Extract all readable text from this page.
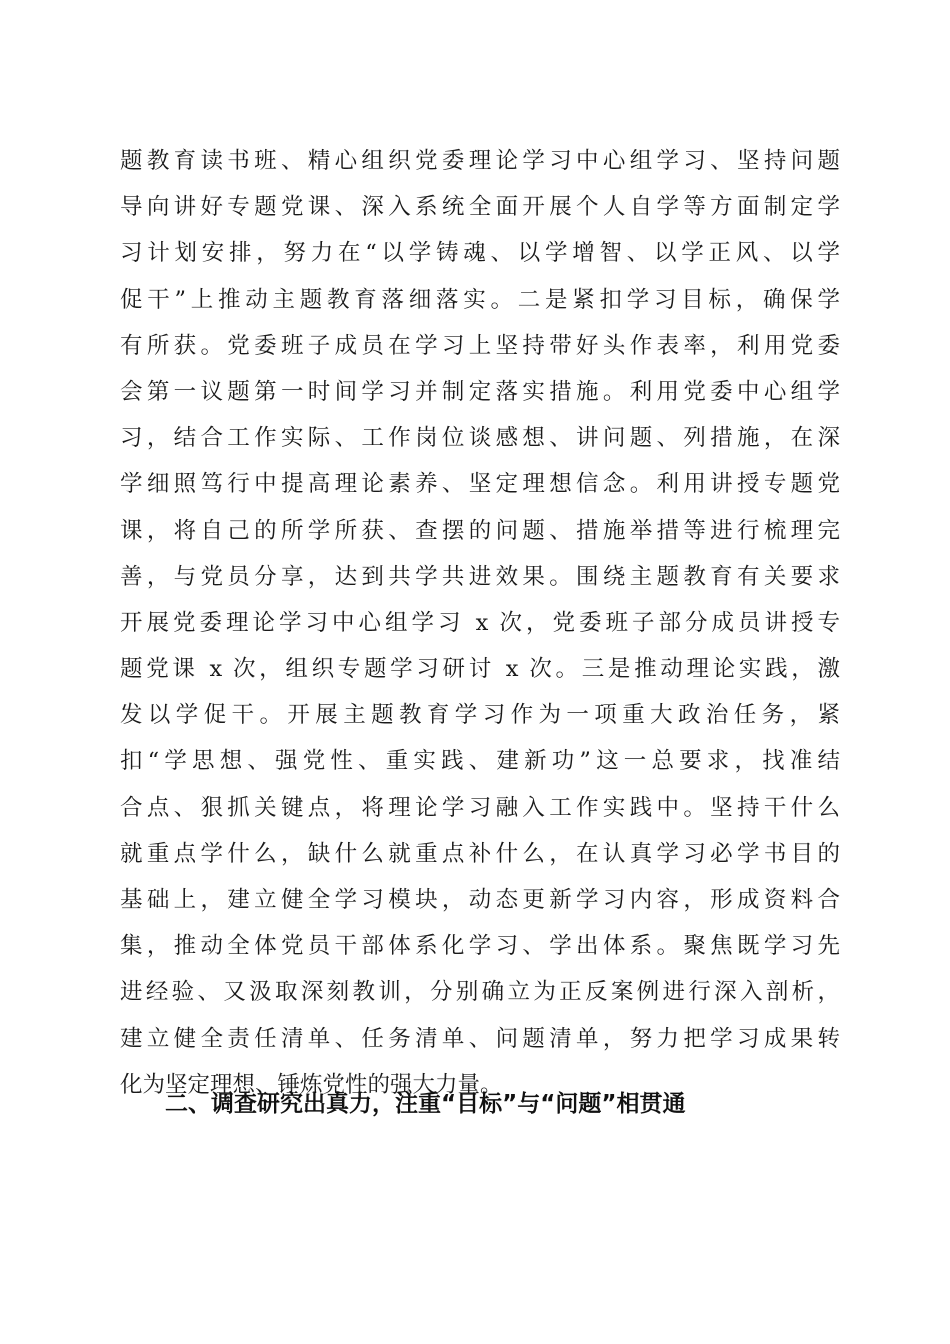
题教育读书班、精心组织党委理论学习中心组学习、坚持问题
导向讲好专题党课、深入系统全面开展个人自学等方面制定学
习计划安排，努力在“以学铸魂、以学增智、以学正风、以学
促干”上推动主题教育落细落实。二是紧扣学习目标，确保学
有所获。党委班子成员在学习上坚持带好头作表率，利用党委
会第一议题第一时间学习并制定落实措施。利用党委中心组学
习，结合工作实际、工作岗位谈感想、讲问题、列措施，在深
学细照笃行中提高理论素养、坚定理想信念。利用讲授专题党
课，将自己的所学所获、查摆的问题、措施举措等进行梳理完
善，与党员分享，达到共学共进效果。围绕主题教育有关要求
开展党委理论学习中心组学习 x 次，党委班子部分成员讲授专
题党课 x 次，组织专题学习研讨 x 次。三是推动理论实践，激
发以学促干。开展主题教育学习作为一项重大政治任务，紧
扣“学思想、强党性、重实践、建新功”这一总要求，找准结
合点、狠抓关键点，将理论学习融入工作实践中。坚持干什么
就重点学什么，缺什么就重点补什么，在认真学习必学书目的
基础上，建立健全学习模块，动态更新学习内容，形成资料合
集，推动全体党员干部体系化学习、学出体系。聚焦既学习先
进经验、又汲取深刻教训，分别确立为正反案例进行深入剖析，
建立健全责任清单、任务清单、问题清单，努力把学习成果转
化为坚定理想、锤炼党性的强大力量。
二、调查研究出真力，注重“目标”与“问题”相贯通
